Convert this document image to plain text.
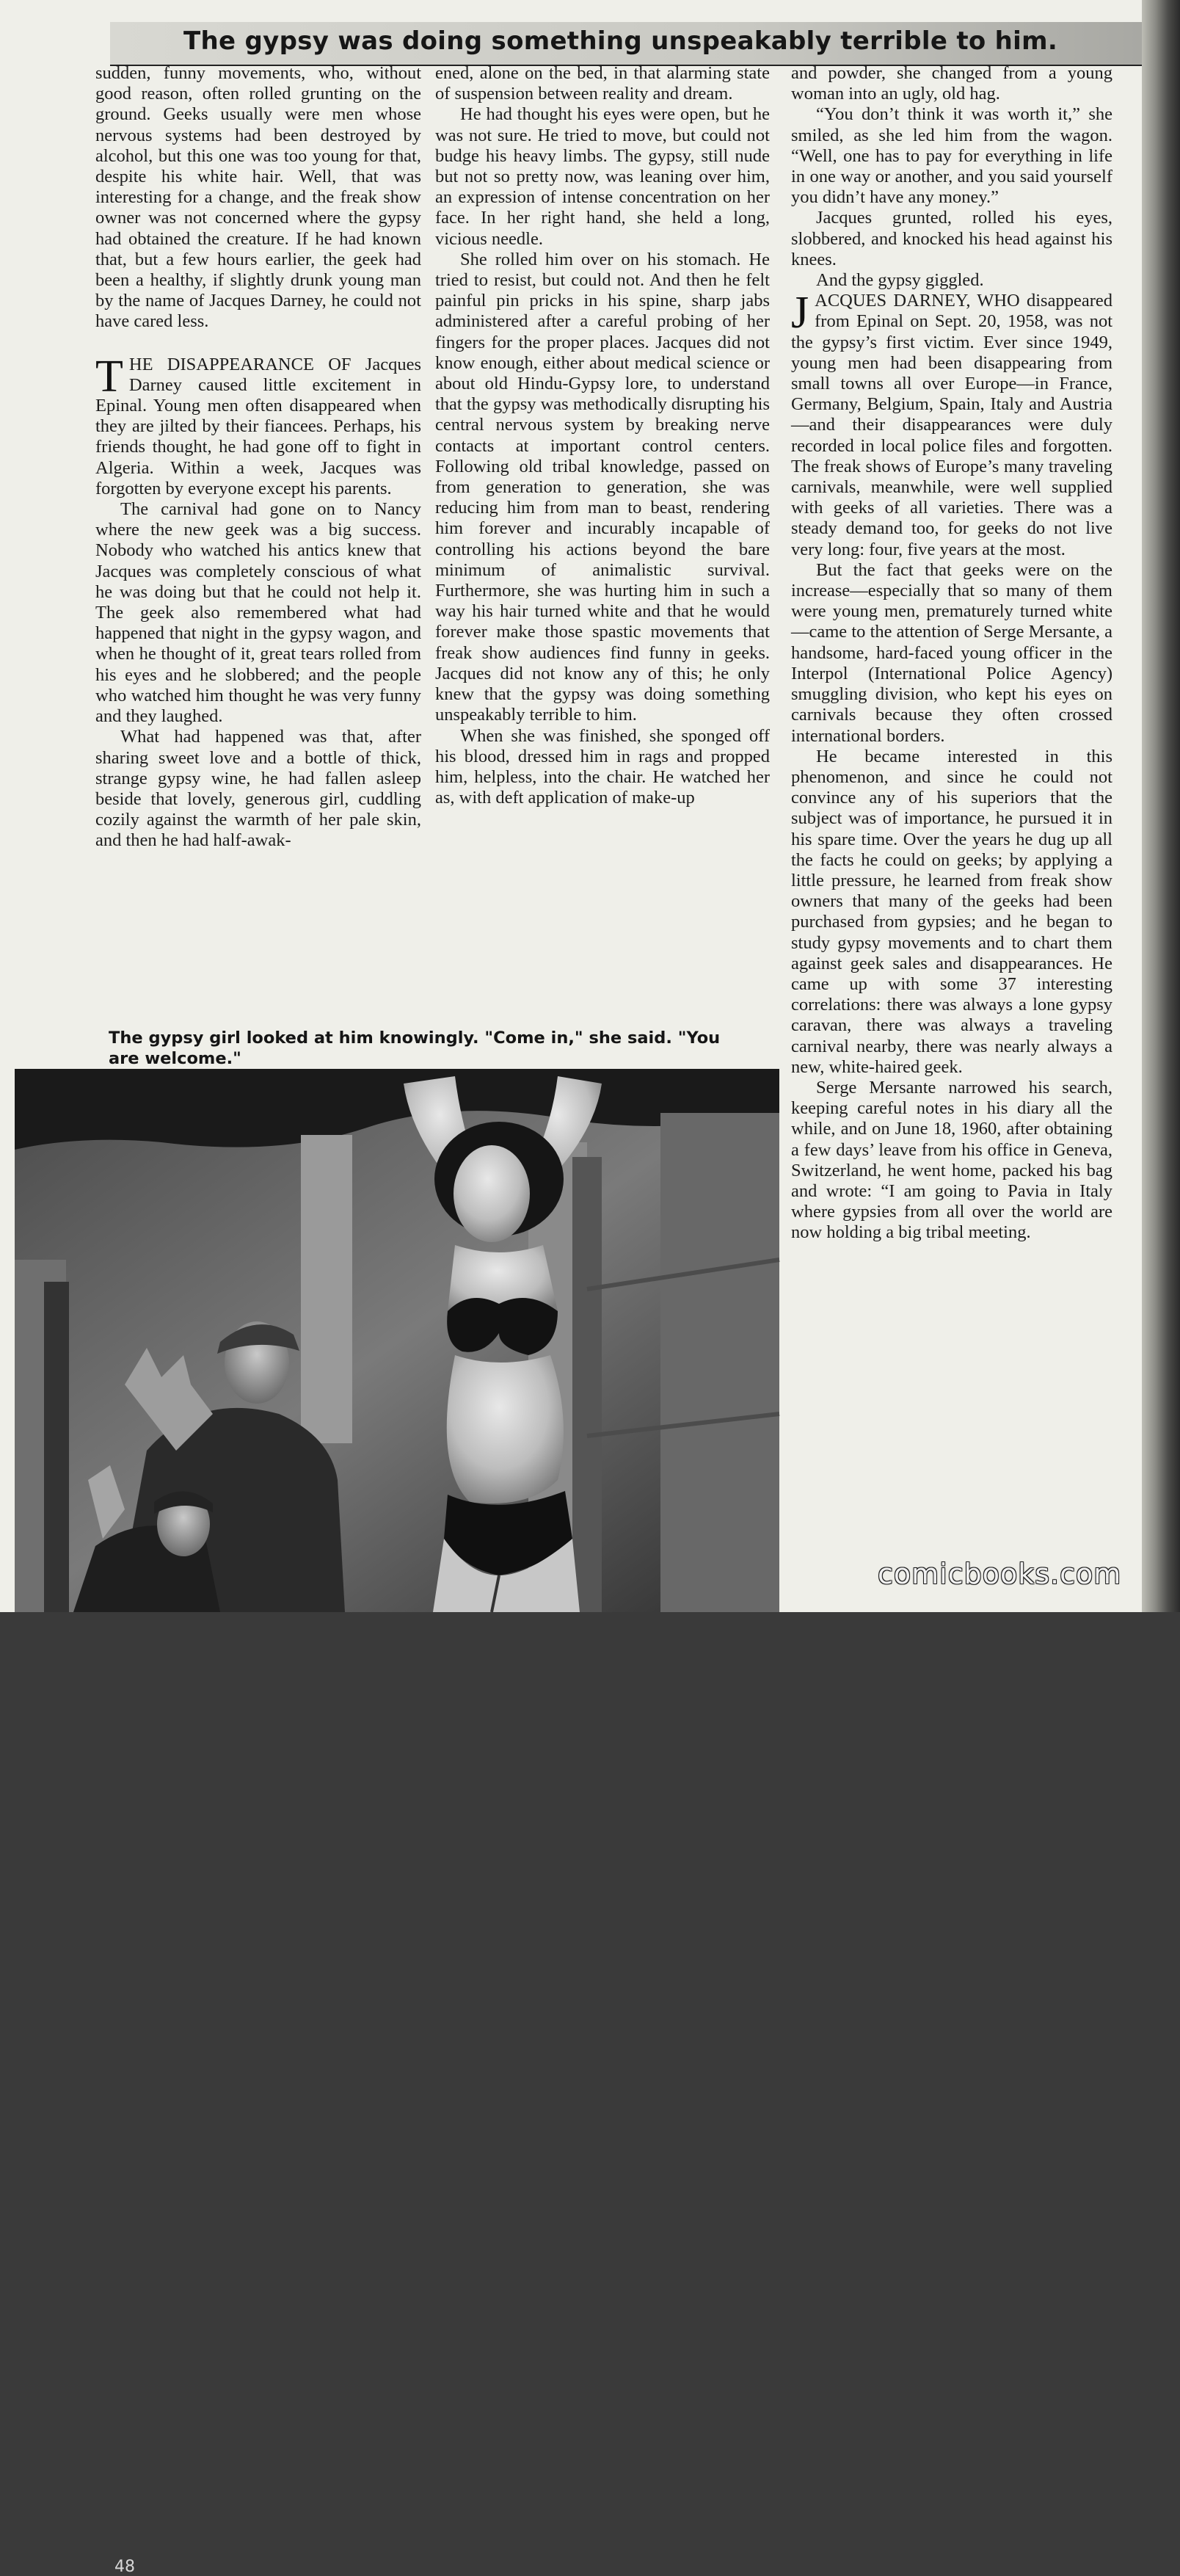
The gypsy was doing something unspeakably terrible to him.

sudden, funny movements, who, without good reason, often rolled grunting on the ground. Geeks usually were men whose nervous systems had been destroyed by alcohol, but this one was too young for that, despite his white hair. Well, that was interesting for a change, and the freak show owner was not concerned where the gypsy had obtained the creature. If he had known that, but a few hours earlier, the geek had been a healthy, if slightly drunk young man by the name of Jacques Darney, he could not have cared less.

THE DISAPPEARANCE OF Jacques Darney caused little excitement in Epinal. Young men often disappeared when they are jilted by their fiancees. Perhaps, his friends thought, he had gone off to fight in Algeria. Within a week, Jacques was forgotten by everyone except his parents.

The carnival had gone on to Nancy where the new geek was a big success. Nobody who watched his antics knew that Jacques was completely conscious of what he was doing but that he could not help it. The geek also remembered what had happened that night in the gypsy wagon, and when he thought of it, great tears rolled from his eyes and he slobbered; and the people who watched him thought he was very funny and they laughed.

What had happened was that, after sharing sweet love and a bottle of thick, strange gypsy wine, he had fallen asleep beside that lovely, generous girl, cuddling cozily against the warmth of her pale skin, and then he had half-awak-

ened, alone on the bed, in that alarming state of suspension between reality and dream.

He had thought his eyes were open, but he was not sure. He tried to move, but could not budge his heavy limbs. The gypsy, still nude but not so pretty now, was leaning over him, an expression of intense concentration on her face. In her right hand, she held a long, vicious needle.

She rolled him over on his stomach. He tried to resist, but could not. And then he felt painful pin pricks in his spine, sharp jabs administered after a careful probing of her fingers for the proper places. Jacques did not know enough, either about medical science or about old Hindu-Gypsy lore, to understand that the gypsy was methodically disrupting his central nervous system by breaking nerve contacts at important control centers. Following old tribal knowledge, passed on from generation to generation, she was reducing him from man to beast, rendering him forever and incurably incapable of controlling his actions beyond the bare minimum of animalistic survival. Furthermore, she was hurting him in such a way his hair turned white and that he would forever make those spastic movements that freak show audiences find funny in geeks. Jacques did not know any of this; he only knew that the gypsy was doing something unspeakably terrible to him.

When she was finished, she sponged off his blood, dressed him in rags and propped him, helpless, into the chair. He watched her as, with deft application of make-up

and powder, she changed from a young woman into an ugly, old hag.

“You don’t think it was worth it,” she smiled, as she led him from the wagon. “Well, one has to pay for everything in life in one way or another, and you said yourself you didn’t have any money.”

Jacques grunted, rolled his eyes, slobbered, and knocked his head against his knees.

And the gypsy giggled.

JACQUES DARNEY, WHO disappeared from Epinal on Sept. 20, 1958, was not the gypsy’s first victim. Ever since 1949, young men had been disappearing from small towns all over Europe—in France, Germany, Belgium, Spain, Italy and Austria—and their disappearances were duly recorded in local police files and forgotten. The freak shows of Europe’s many traveling carnivals, meanwhile, were well supplied with geeks of all varieties. There was a steady demand too, for geeks do not live very long: four, five years at the most.

But the fact that geeks were on the increase—especially that so many of them were young men, prematurely turned white—came to the attention of Serge Mersante, a handsome, hard-faced young officer in the Interpol (International Police Agency) smuggling division, who kept his eyes on carnivals because they often crossed international borders.

He became interested in this phenomenon, and since he could not convince any of his superiors that the subject was of importance, he pursued it in his spare time. Over the years he dug up all the facts he could on geeks; by applying a little pressure, he learned from freak show owners that many of the geeks had been purchased from gypsies; and he began to study gypsy movements and to chart them against geek sales and disappearances. He came up with some 37 interesting correlations: there was always a lone gypsy caravan, there was always a traveling carnival nearby, there was nearly always a new, white-haired geek.

Serge Mersante narrowed his search, keeping careful notes in his diary all the while, and on June 18, 1960, after obtaining a few days’ leave from his office in Geneva, Switzerland, he went home, packed his bag and wrote: “I am going to Pavia in Italy where gypsies from all over the world are now holding a big tribal meeting.

The gypsy girl looked at him knowingly. "Come in," she said. "You are welcome."
48
comicbooks.com
